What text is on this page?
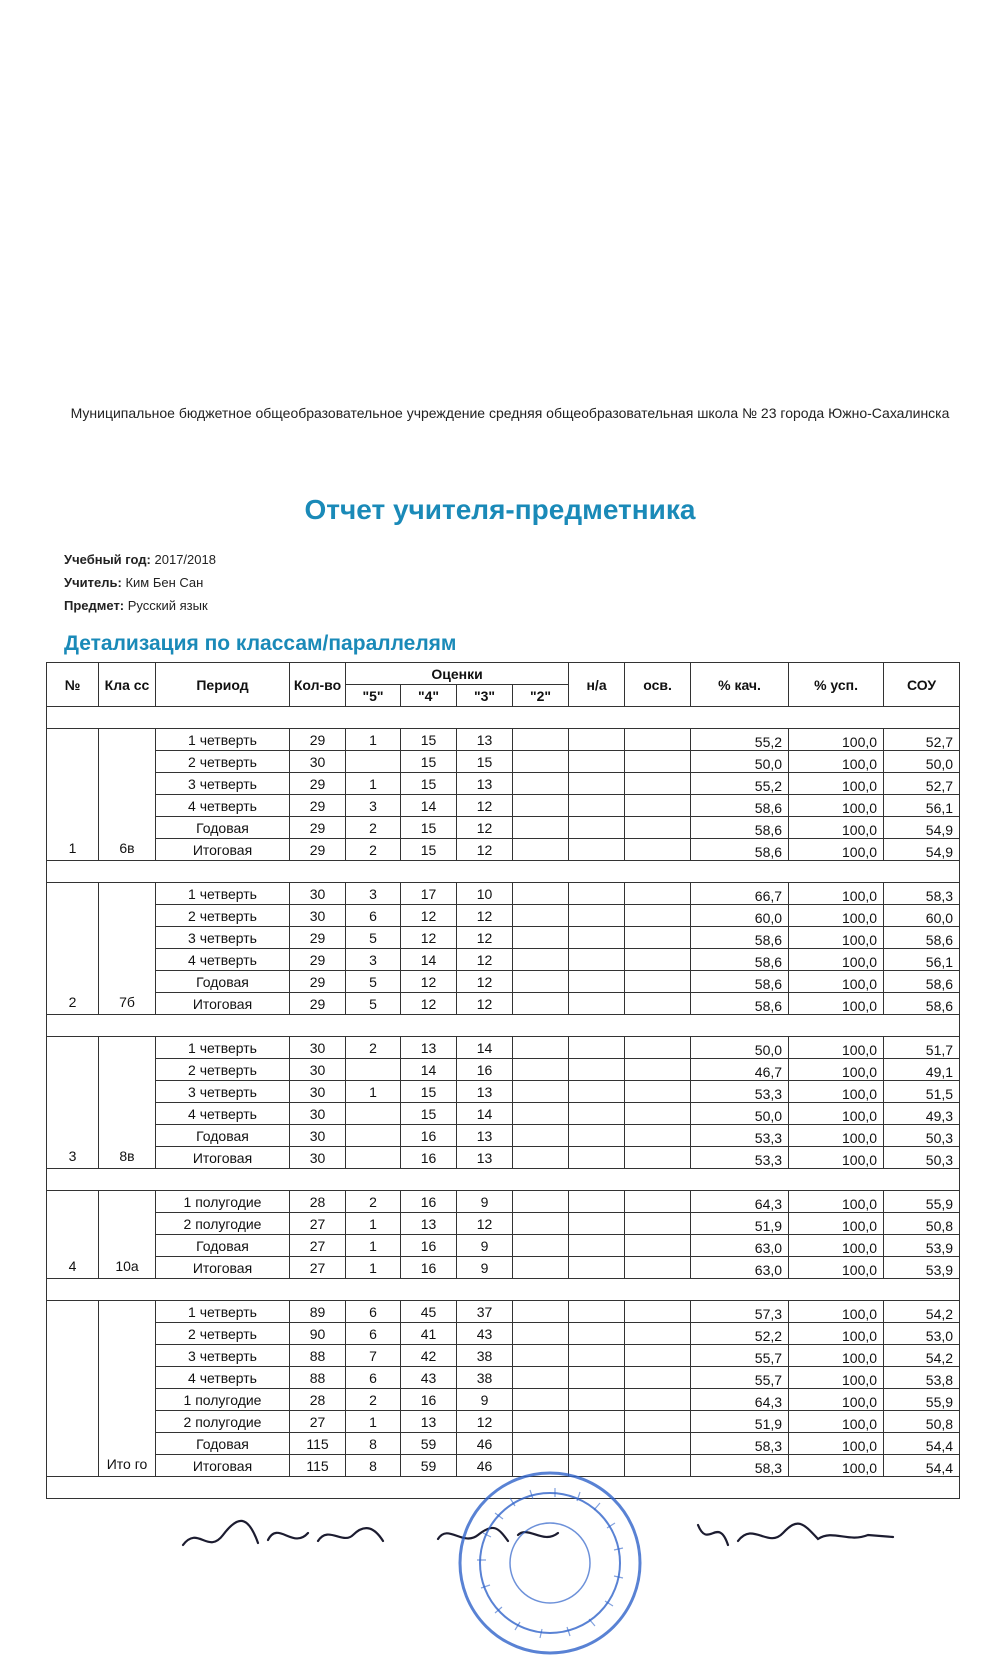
Муниципальное бюджетное общеобразовательное учреждение средняя общеобразовательная школа № 23 города Южно-Сахалинска
Отчет учителя-предметника
Учебный год: 2017/2018
Учитель: Ким Бен Сан
Предмет: Русский язык
Детализация по классам/параллелям
№	Кла сс	Период	Кол-во	Оценки				н/а	осв.	% кач.	% усп.	СОУ
				"5"	"4"	"3"	"2"					

1	6в	1 четверть	29	1	15	13				55,2	100,0	52,7
		2 четверть	30		15	15				50,0	100,0	50,0
		3 четверть	29	1	15	13				55,2	100,0	52,7
		4 четверть	29	3	14	12				58,6	100,0	56,1
		Годовая	29	2	15	12				58,6	100,0	54,9
		Итоговая	29	2	15	12				58,6	100,0	54,9

2	7б	1 четверть	30	3	17	10				66,7	100,0	58,3
		2 четверть	30	6	12	12				60,0	100,0	60,0
		3 четверть	29	5	12	12				58,6	100,0	58,6
		4 четверть	29	3	14	12				58,6	100,0	56,1
		Годовая	29	5	12	12				58,6	100,0	58,6
		Итоговая	29	5	12	12				58,6	100,0	58,6

3	8в	1 четверть	30	2	13	14				50,0	100,0	51,7
		2 четверть	30		14	16				46,7	100,0	49,1
		3 четверть	30	1	15	13				53,3	100,0	51,5
		4 четверть	30		15	14				50,0	100,0	49,3
		Годовая	30		16	13				53,3	100,0	50,3
		Итоговая	30		16	13				53,3	100,0	50,3

4	10а	1 полугодие	28	2	16	9				64,3	100,0	55,9
		2 полугодие	27	1	13	12				51,9	100,0	50,8
		Годовая	27	1	16	9				63,0	100,0	53,9
		Итоговая	27	1	16	9				63,0	100,0	53,9

	Ито го	1 четверть	89	6	45	37				57,3	100,0	54,2
		2 четверть	90	6	41	43				52,2	100,0	53,0
		3 четверть	88	7	42	38				55,7	100,0	54,2
		4 четверть	88	6	43	38				55,7	100,0	53,8
		1 полугодие	28	2	16	9				64,3	100,0	55,9
		2 полугодие	27	1	13	12				51,9	100,0	50,8
		Годовая	115	8	59	46				58,3	100,0	54,4
		Итоговая	115	8	59	46				58,3	100,0	54,4
